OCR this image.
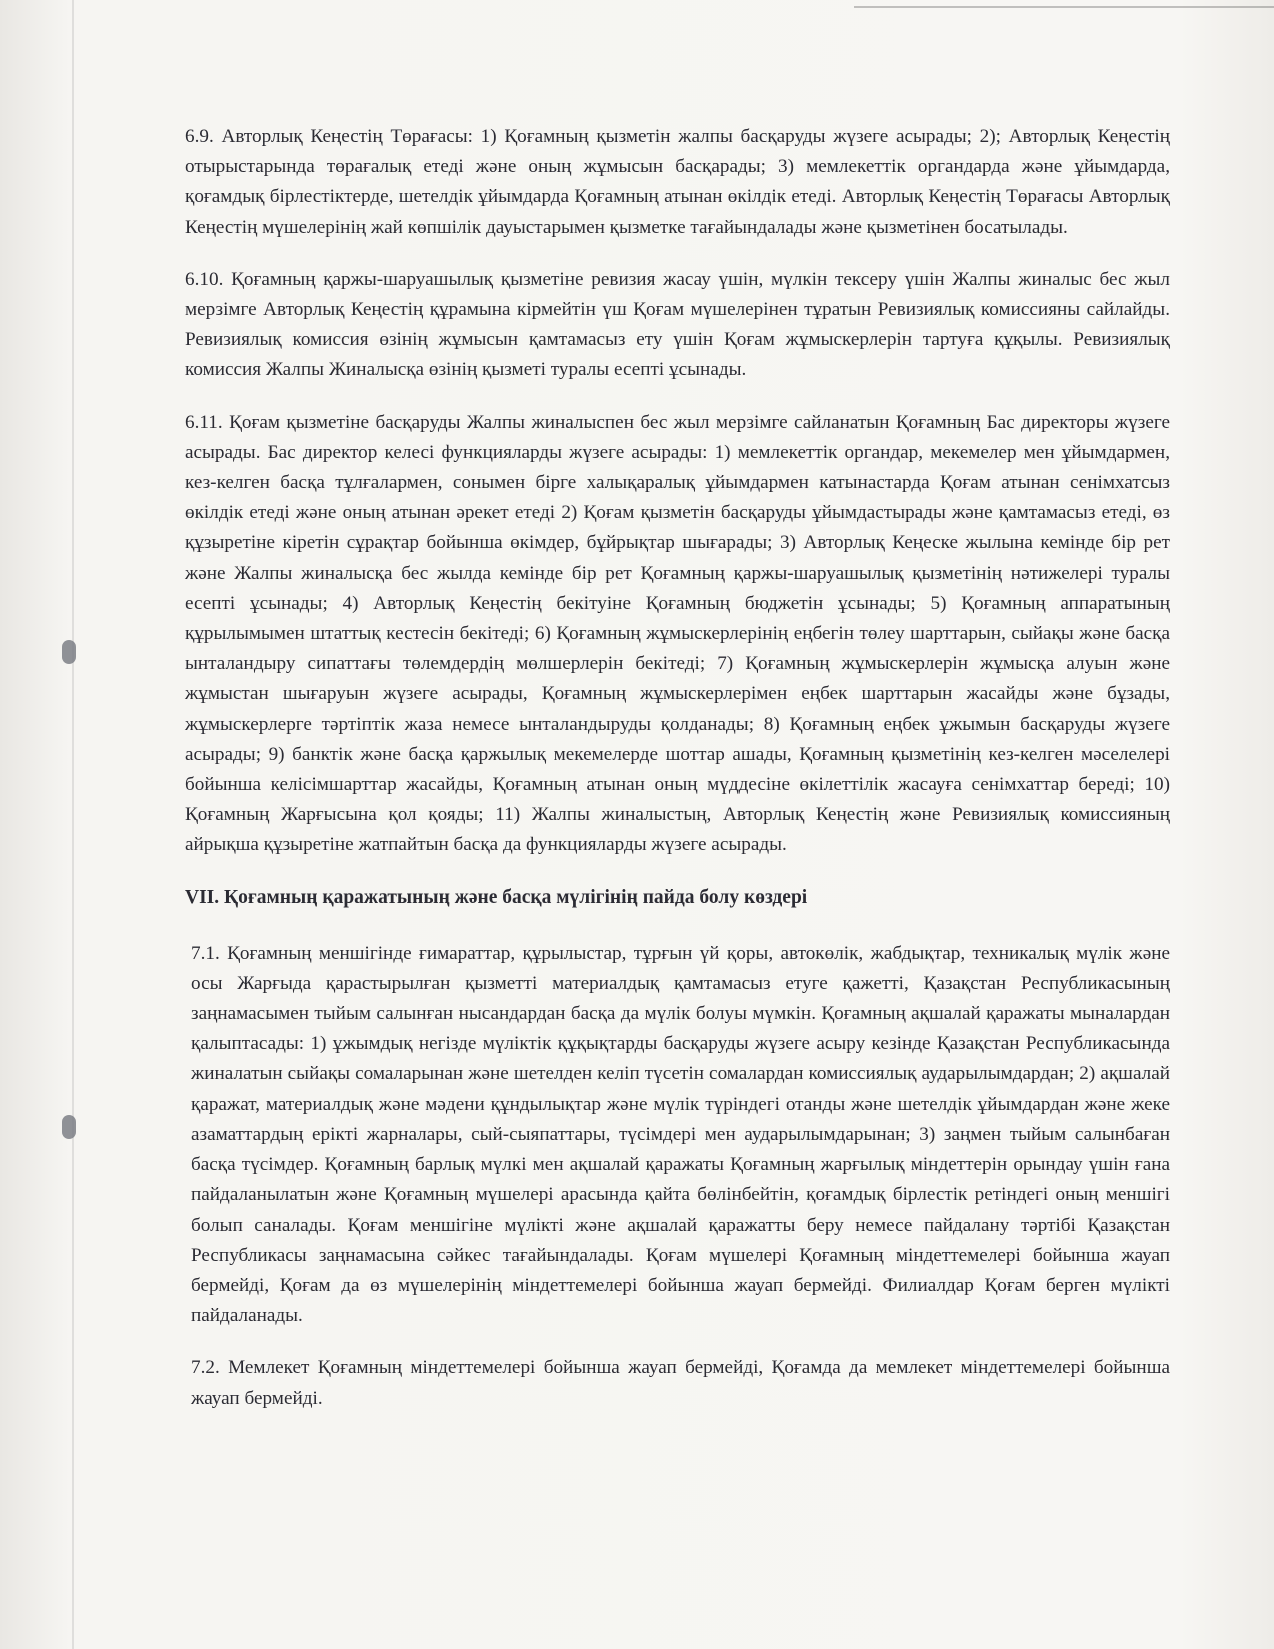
6.9. Авторлық Кеңестің Төрағасы: 1) Қоғамның қызметін жалпы басқаруды жүзеге асырады; 2); Авторлық Кеңестің отырыстарында төрағалық етеді және оның жұмысын басқарады; 3) мемлекеттік органдарда және ұйымдарда, қоғамдық бірлестіктерде, шетелдік ұйымдарда Қоғамның атынан өкілдік етеді. Авторлық Кеңестің Төрағасы Авторлық Кеңестің мүшелерінің жай көпшілік дауыстарымен қызметке тағайындалады және қызметінен босатылады.

6.10. Қоғамның қаржы-шаруашылық қызметіне ревизия жасау үшін, мүлкін тексеру үшін Жалпы жиналыс бес жыл мерзімге Авторлық Кеңестің құрамына кірмейтін үш Қоғам мүшелерінен тұратын Ревизиялық комиссияны сайлайды. Ревизиялық комиссия өзінің жұмысын қамтамасыз ету үшін Қоғам жұмыскерлерін тартуға құқылы. Ревизиялық комиссия Жалпы Жиналысқа өзінің қызметі туралы есепті ұсынады.

6.11. Қоғам қызметіне басқаруды Жалпы жиналыспен бес жыл мерзімге сайланатын Қоғамның Бас директоры жүзеге асырады. Бас директор келесі функцияларды жүзеге асырады: 1) мемлекеттік органдар, мекемелер мен ұйымдармен, кез-келген басқа тұлғалармен, сонымен бірге халықаралық ұйымдармен катынастарда Қоғам атынан сенімхатсыз өкілдік етеді және оның атынан әрекет етеді 2) Қоғам қызметін басқаруды ұйымдастырады және қамтамасыз етеді, өз құзыретіне кіретін сұрақтар бойынша өкімдер, бұйрықтар шығарады; 3) Авторлық Кеңеске жылына кемінде бір рет және Жалпы жиналысқа бес жылда кемінде бір рет Қоғамның қаржы-шаруашылық қызметінің нәтижелері туралы есепті ұсынады; 4) Авторлық Кеңестің бекітуіне Қоғамның бюджетін ұсынады; 5) Қоғамның аппаратының құрылымымен штаттық кестесін бекітеді; 6) Қоғамның жұмыскерлерінің еңбегін төлеу шарттарын, сыйақы және басқа ынталандыру сипаттағы төлемдердің мөлшерлерін бекітеді; 7) Қоғамның жұмыскерлерін жұмысқа алуын және жұмыстан шығаруын жүзеге асырады, Қоғамның жұмыскерлерімен еңбек шарттарын жасайды және бұзады, жұмыскерлерге тәртіптік жаза немесе ынталандыруды қолданады; 8) Қоғамның еңбек ұжымын басқаруды жүзеге асырады; 9) банктік және басқа қаржылық мекемелерде шоттар ашады, Қоғамның қызметінің кез-келген мәселелері бойынша келісімшарттар жасайды, Қоғамның атынан оның мүддесіне өкілеттілік жасауға сенімхаттар береді; 10) Қоғамның Жарғысына қол қояды; 11) Жалпы жиналыстың, Авторлық Кеңестің және Ревизиялық комиссияның айрықша құзыретіне жатпайтын басқа да функцияларды жүзеге асырады.

VII. Қоғамның қаражатының және басқа мүлігінің пайда болу көздері

7.1. Қоғамның меншігінде ғимараттар, құрылыстар, тұрғын үй қоры, автокөлік, жабдықтар, техникалық мүлік және осы Жарғыда қарастырылған қызметті материалдық қамтамасыз етуге қажетті, Қазақстан Республикасының заңнамасымен тыйым салынған нысандардан басқа да мүлік болуы мүмкін. Қоғамның ақшалай қаражаты мыналардан қалыптасады: 1) ұжымдық негізде мүліктік құқықтарды басқаруды жүзеге асыру кезінде Қазақстан Республикасында жиналатын сыйақы сомаларынан және шетелден келіп түсетін сомалардан комиссиялық аударылымдардан; 2) ақшалай қаражат, материалдық және мәдени құндылықтар және мүлік түріндегі отанды және шетелдік ұйымдардан және жеке азаматтардың ерікті жарналары, сый-сыяпаттары, түсімдері мен аударылымдарынан; 3) заңмен тыйым салынбаған басқа түсімдер. Қоғамның барлық мүлкі мен ақшалай қаражаты Қоғамның жарғылық міндеттерін орындау үшін ғана пайдаланылатын және Қоғамның мүшелері арасында қайта бөлінбейтін, қоғамдық бірлестік ретіндегі оның меншігі болып саналады. Қоғам меншігіне мүлікті және ақшалай қаражатты беру немесе пайдалану тәртібі Қазақстан Республикасы заңнамасына сәйкес тағайындалады. Қоғам мүшелері Қоғамның міндеттемелері бойынша жауап бермейді, Қоғам да өз мүшелерінің міндеттемелері бойынша жауап бермейді. Филиалдар Қоғам берген мүлікті пайдаланады.

7.2. Мемлекет Қоғамның міндеттемелері бойынша жауап бермейді, Қоғамда да мемлекет міндеттемелері бойынша жауап бермейді.
